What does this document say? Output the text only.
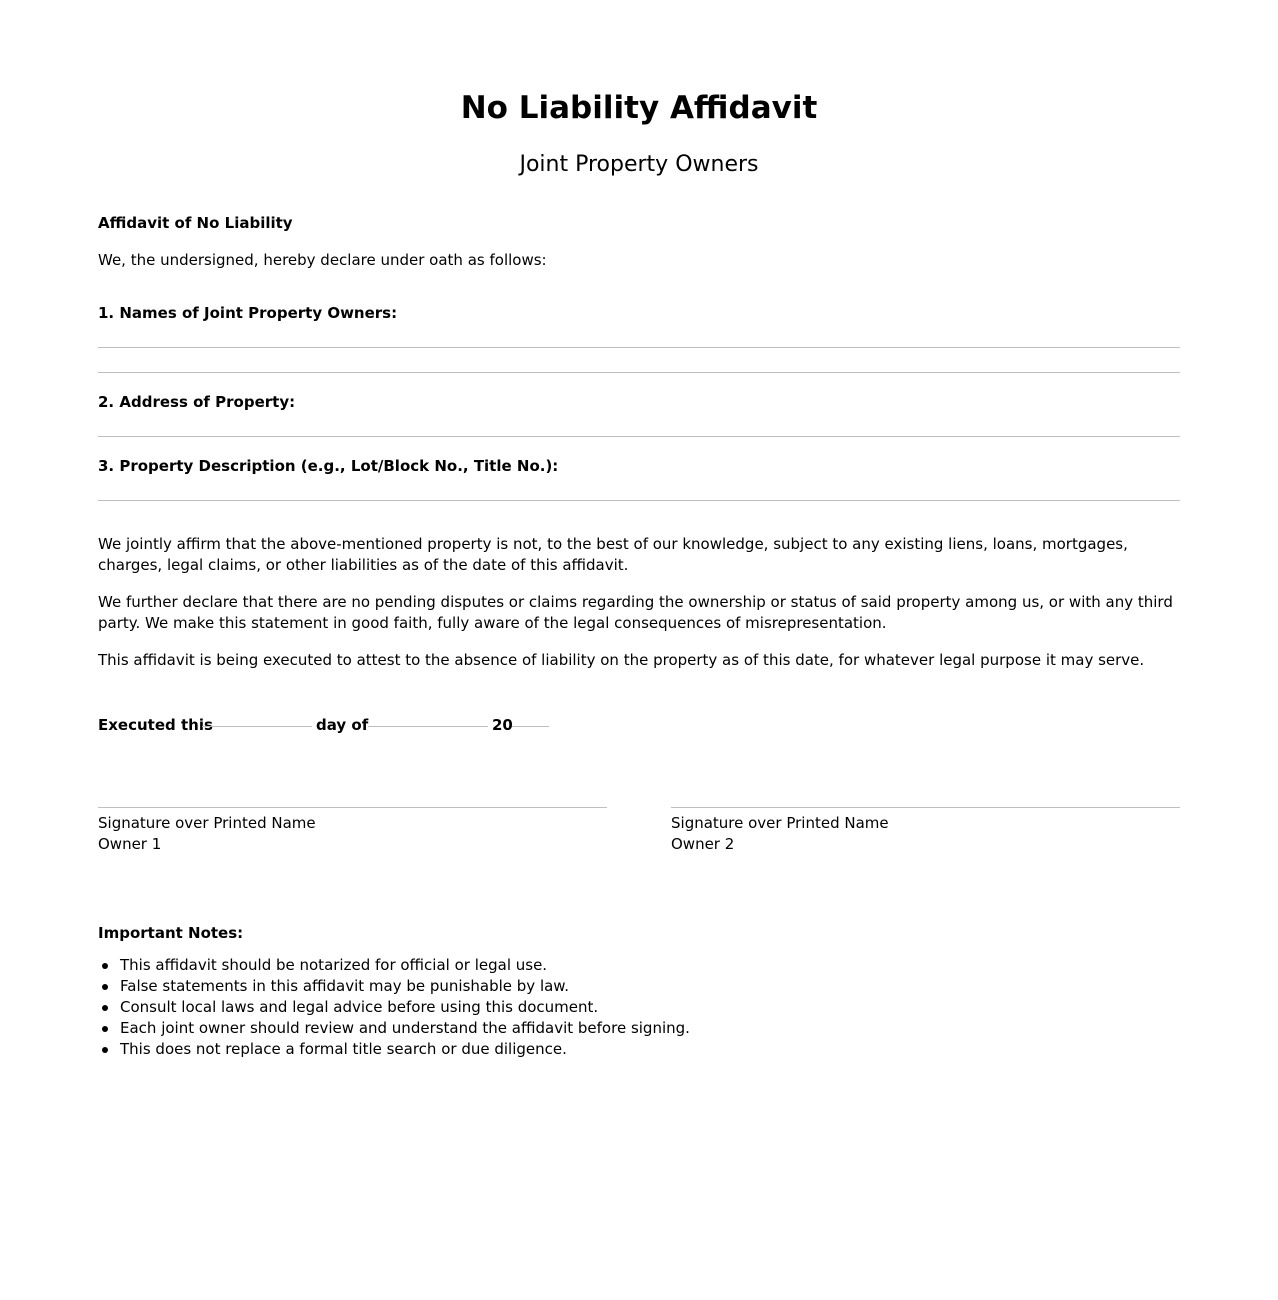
No Liability Affidavit
Joint Property Owners
Affidavit of No Liability
We, the undersigned, hereby declare under oath as follows:
1. Names of Joint Property Owners:
2. Address of Property:
3. Property Description (e.g., Lot/Block No., Title No.):
We jointly affirm that the above-mentioned property is not, to the best of our knowledge, subject to any existing liens, loans, mortgages, charges, legal claims, or other liabilities as of the date of this affidavit.
We further declare that there are no pending disputes or claims regarding the ownership or status of said property among us, or with any third party. We make this statement in good faith, fully aware of the legal consequences of misrepresentation.
This affidavit is being executed to attest to the absence of liability on the property as of this date, for whatever legal purpose it may serve.
Executed this	day of	20
Signature over Printed Name
Owner 1
Signature over Printed Name
Owner 2
Important Notes:
This affidavit should be notarized for official or legal use.
False statements in this affidavit may be punishable by law.
Consult local laws and legal advice before using this document.
Each joint owner should review and understand the affidavit before signing.
This does not replace a formal title search or due diligence.
